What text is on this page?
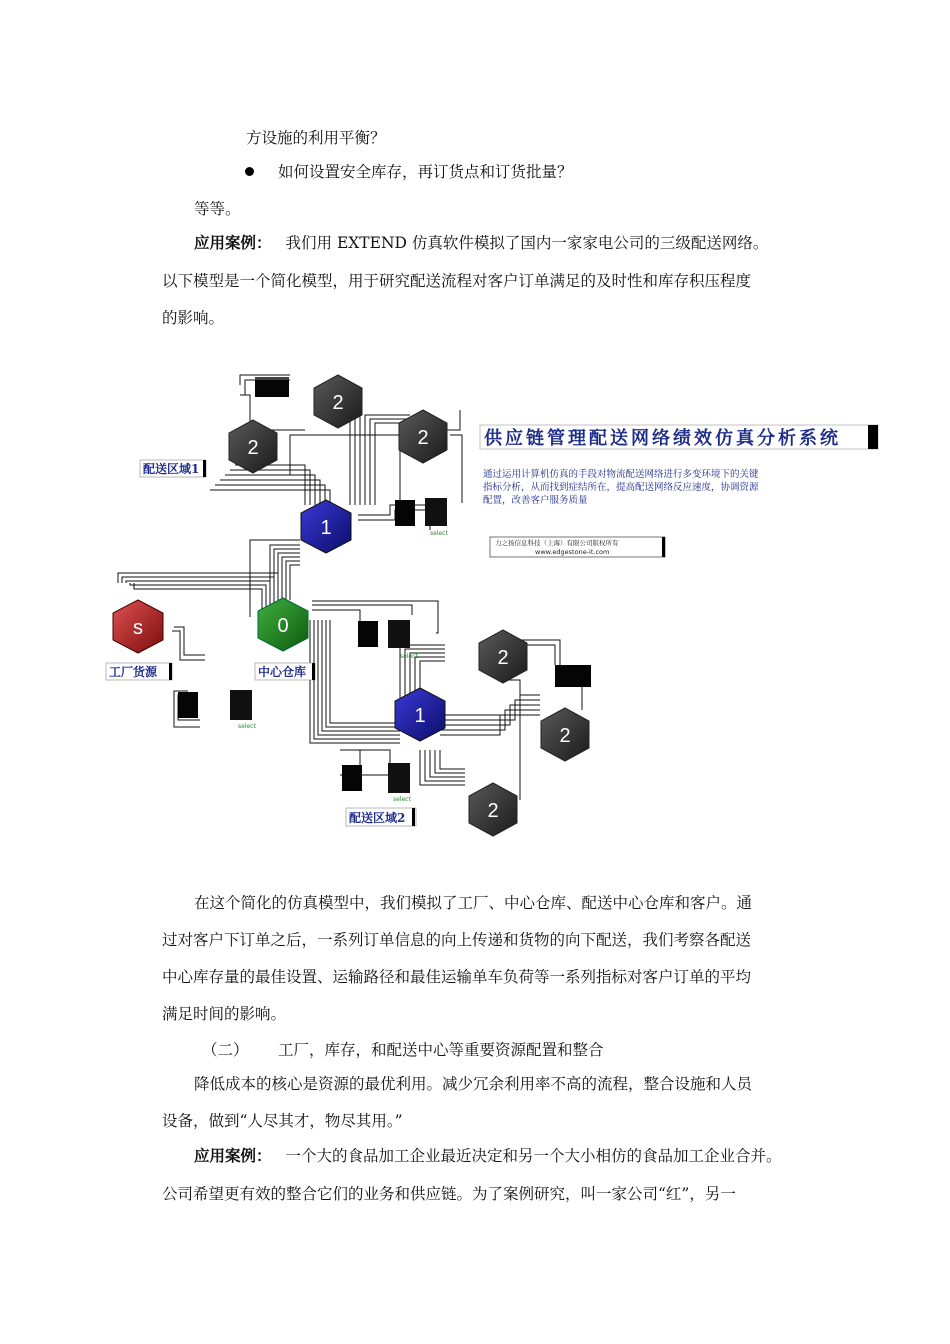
方设施的利用平衡？
如何设置安全库存，再订货点和订货批量？
等等。
应用案例： 我们用 EXTEND 仿真软件模拟了国内一家家电公司的三级配送网络。
以下模型是一个简化模型，用于研究配送流程对客户订单满足的及时性和库存积压程度
的影响。
select
select
select
select
2
2	2
1
s	0
2
1
2
2
配送区域1
工厂货源	中心仓库
配送区域2
供应链管理配送网络绩效仿真分析系统
通过运用计算机仿真的手段对物流配送网络进行多变环境下的关键
指标分析，从而找到症结所在，提高配送网络反应速度，协调资源
配置，改善客户服务质量
力之扬信息科技（上海）有限公司版权所有
www.edgestone-it.com
在这个简化的仿真模型中，我们模拟了工厂、中心仓库、配送中心仓库和客户。通
过对客户下订单之后，一系列订单信息的向上传递和货物的向下配送，我们考察各配送
中心库存量的最佳设置、运输路径和最佳运输单车负荷等一系列指标对客户订单的平均
满足时间的影响。
（二） 工厂，库存，和配送中心等重要资源配置和整合
降低成本的核心是资源的最优利用。减少冗余利用率不高的流程，整合设施和人员
设备，做到“人尽其才，物尽其用。”
应用案例： 一个大的食品加工企业最近决定和另一个大小相仿的食品加工企业合并。
公司希望更有效的整合它们的业务和供应链。为了案例研究，叫一家公司“红”，另一
